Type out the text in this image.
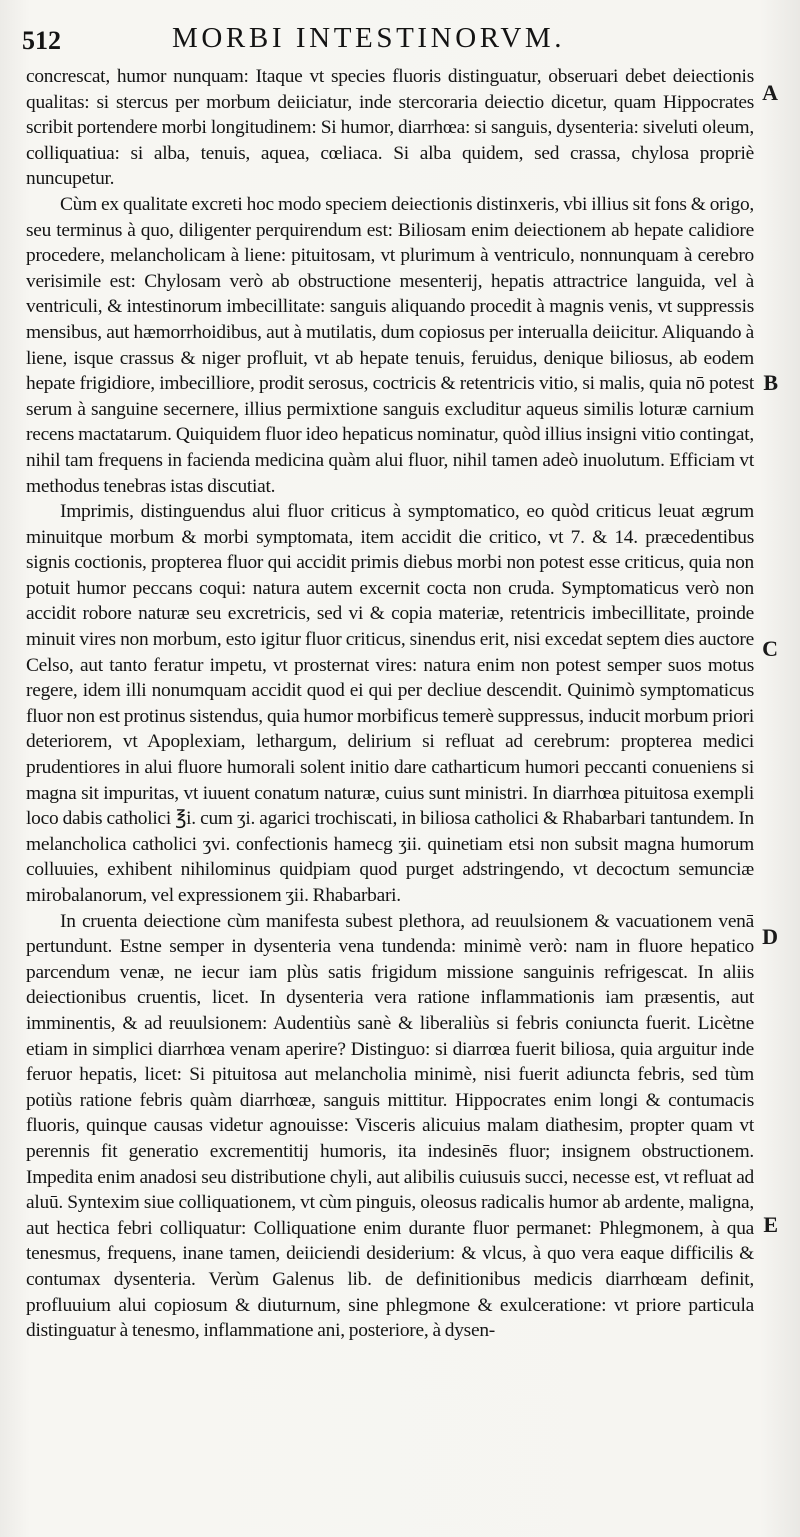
512	MORBI INTESTINORVM.

concrescat, humor nunquam: Itaque vt species fluoris distinguatur, obseruari debet deiectionis qualitas: si stercus per morbum deiiciatur, inde stercoraria deiectio dicetur, quam Hippocrates scribit portendere morbi longitudinem: Si humor, diarrhœa: si sanguis, dysenteria: siveluti oleum, colliquatiua: si alba, tenuis, aquea, cœliaca. Si alba quidem, sed crassa, chylosa propriè nuncupetur.

Cùm ex qualitate excreti hoc modo speciem deiectionis distinxeris, vbi illius sit fons & origo, seu terminus à quo, diligenter perquirendum est: Biliosam enim deiectionem ab hepate calidiore procedere, melancholicam à liene: pituitosam, vt plurimum à ventriculo, nonnunquam à cerebro verisimile est: Chylosam verò ab obstructione mesenterij, hepatis attractrice languida, vel à ventriculi, & intestinorum imbecillitate: sanguis aliquando procedit à magnis venis, vt suppressis mensibus, aut hæmorrhoidibus, aut à mutilatis, dum copiosus per interualla deiicitur. Aliquando à liene, isque crassus & niger profluit, vt ab hepate tenuis, feruidus, denique biliosus, ab eodem hepate frigidiore, imbecilliore, prodit serosus, coctricis & retentricis vitio, si malis, quia nō potest serum à sanguine secernere, illius permixtione sanguis excluditur aqueus similis loturæ carnium recens mactatarum. Quiquidem fluor ideo hepaticus nominatur, quòd illius insigni vitio contingat, nihil tam frequens in facienda medicina quàm alui fluor, nihil tamen adeò inuolutum. Efficiam vt methodus tenebras istas discutiat.

Imprimis, distinguendus alui fluor criticus à symptomatico, eo quòd criticus leuat ægrum minuitque morbum & morbi symptomata, item accidit die critico, vt 7. & 14. præcedentibus signis coctionis, propterea fluor qui accidit primis diebus morbi non potest esse criticus, quia non potuit humor peccans coqui: natura autem excernit cocta non cruda. Symptomaticus verò non accidit robore naturæ seu excretricis, sed vi & copia materiæ, retentricis imbecillitate, proinde minuit vires non morbum, esto igitur fluor criticus, sinendus erit, nisi excedat septem dies auctore Celso, aut tanto feratur impetu, vt prosternat vires: natura enim non potest semper suos motus regere, idem illi nonumquam accidit quod ei qui per decliue descendit. Quinimò symptomaticus fluor non est protinus sistendus, quia humor morbificus temerè suppressus, inducit morbum priori deteriorem, vt Apoplexiam, lethargum, delirium si refluat ad cerebrum: propterea medici prudentiores in alui fluore humorali solent initio dare catharticum humori peccanti conueniens si magna sit impuritas, vt iuuent conatum naturæ, cuius sunt ministri. In diarrhœa pituitosa exempli loco dabis catholici ℥i. cum ʒi. agarici trochiscati, in biliosa catholici & Rhabarbari tantundem. In melancholica catholici ʒvi. confectionis hamecg ʒii. quinetiam etsi non subsit magna humorum colluuies, exhibent nihilominus quidpiam quod purget adstringendo, vt decoctum semunciæ mirobalanorum, vel expressionem ʒii. Rhabarbari.

In cruenta deiectione cùm manifesta subest plethora, ad reuulsionem & vacuationem venā pertundunt. Estne semper in dysenteria vena tundenda: minimè verò: nam in fluore hepatico parcendum venæ, ne iecur iam plùs satis frigidum missione sanguinis refrigescat. In aliis deiectionibus cruentis, licet. In dysenteria vera ratione inflammationis iam præsentis, aut imminentis, & ad reuulsionem: Audentiùs sanè & liberaliùs si febris coniuncta fuerit. Licètne etiam in simplici diarrhœa venam aperire? Distinguo: si diarrœa fuerit biliosa, quia arguitur inde feruor hepatis, licet: Si pituitosa aut melancholia minimè, nisi fuerit adiuncta febris, sed tùm potiùs ratione febris quàm diarrhœæ, sanguis mittitur. Hippocrates enim longi & contumacis fluoris, quinque causas videtur agnouisse: Visceris alicuius malam diathesim, propter quam vt perennis fit generatio excrementitij humoris, ita indesinēs fluor; insignem obstructionem. Impedita enim anadosi seu distributione chyli, aut alibilis cuiusuis succi, necesse est, vt refluat ad aluū. Syntexim siue colliquationem, vt cùm pinguis, oleosus radicalis humor ab ardente, maligna, aut hectica febri colliquatur: Colliquatione enim durante fluor permanet: Phlegmonem, à qua tenesmus, frequens, inane tamen, deiiciendi desiderium: & vlcus, à quo vera eaque difficilis & contumax dysenteria. Verùm Galenus lib. de definitionibus medicis diarrhœam definit, profluuium alui copiosum & diuturnum, sine phlegmone & exulceratione: vt priore particula distinguatur à tenesmo, inflammatione ani, posteriore, à dysen-

A
B
C
D
E
